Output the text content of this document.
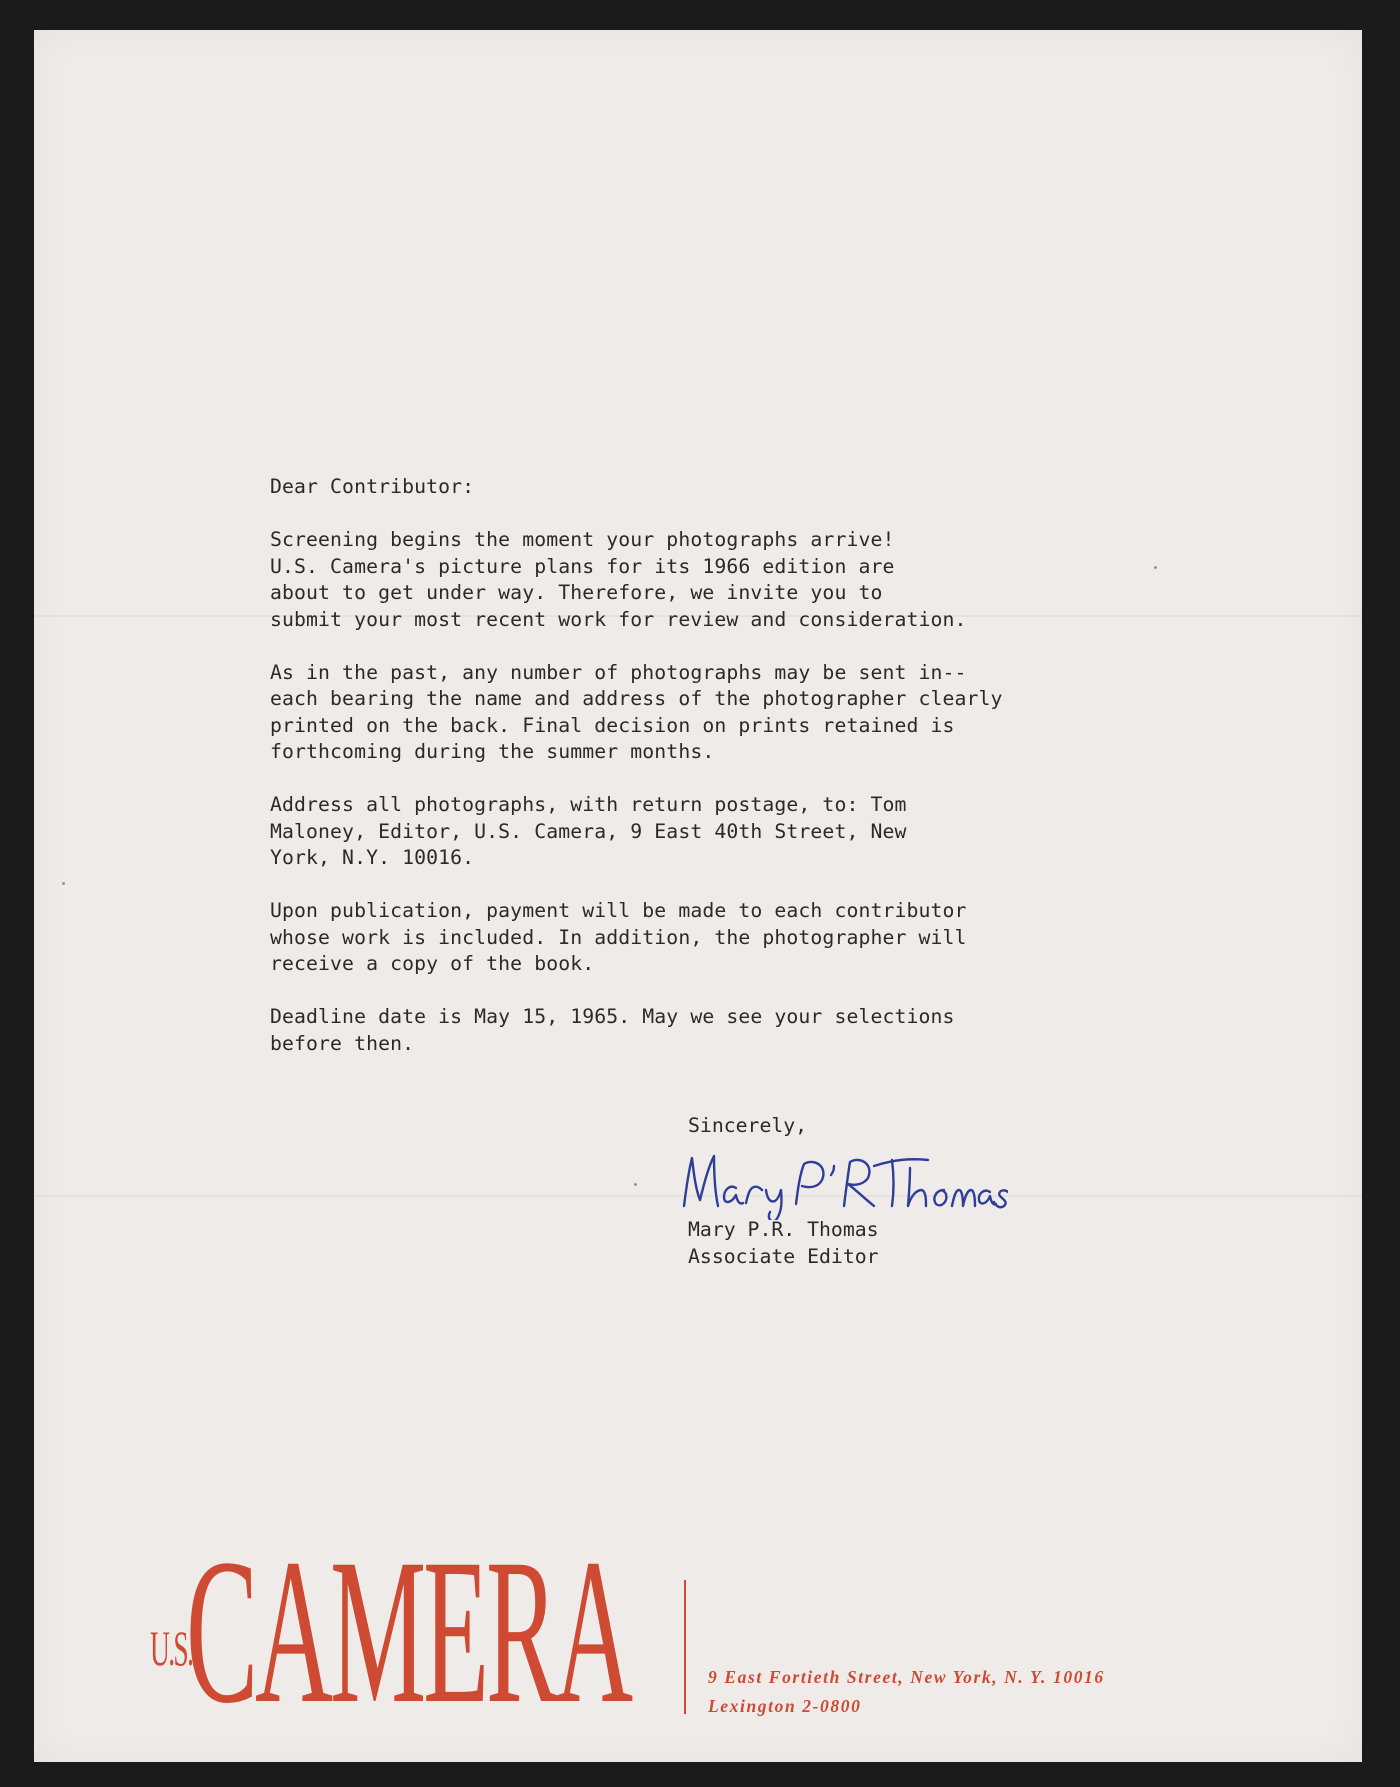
Dear Contributor:

Screening begins the moment your photographs arrive!
U.S. Camera's picture plans for its 1966 edition are
about to get under way. Therefore, we invite you to
submit your most recent work for review and consideration.

As in the past, any number of photographs may be sent in--
each bearing the name and address of the photographer clearly
printed on the back. Final decision on prints retained is
forthcoming during the summer months.

Address all photographs, with return postage, to: Tom
Maloney, Editor, U.S. Camera, 9 East 40th Street, New
York, N.Y. 10016.

Upon publication, payment will be made to each contributor
whose work is included. In addition, the photographer will
receive a copy of the book.

Deadline date is May 15, 1965. May we see your selections
before then.

Sincerely,
Mary P.R. Thomas
Associate Editor
U.S.
CAMERA	9 East Fortieth Street, New York, N. Y. 10016
Lexington 2-0800
